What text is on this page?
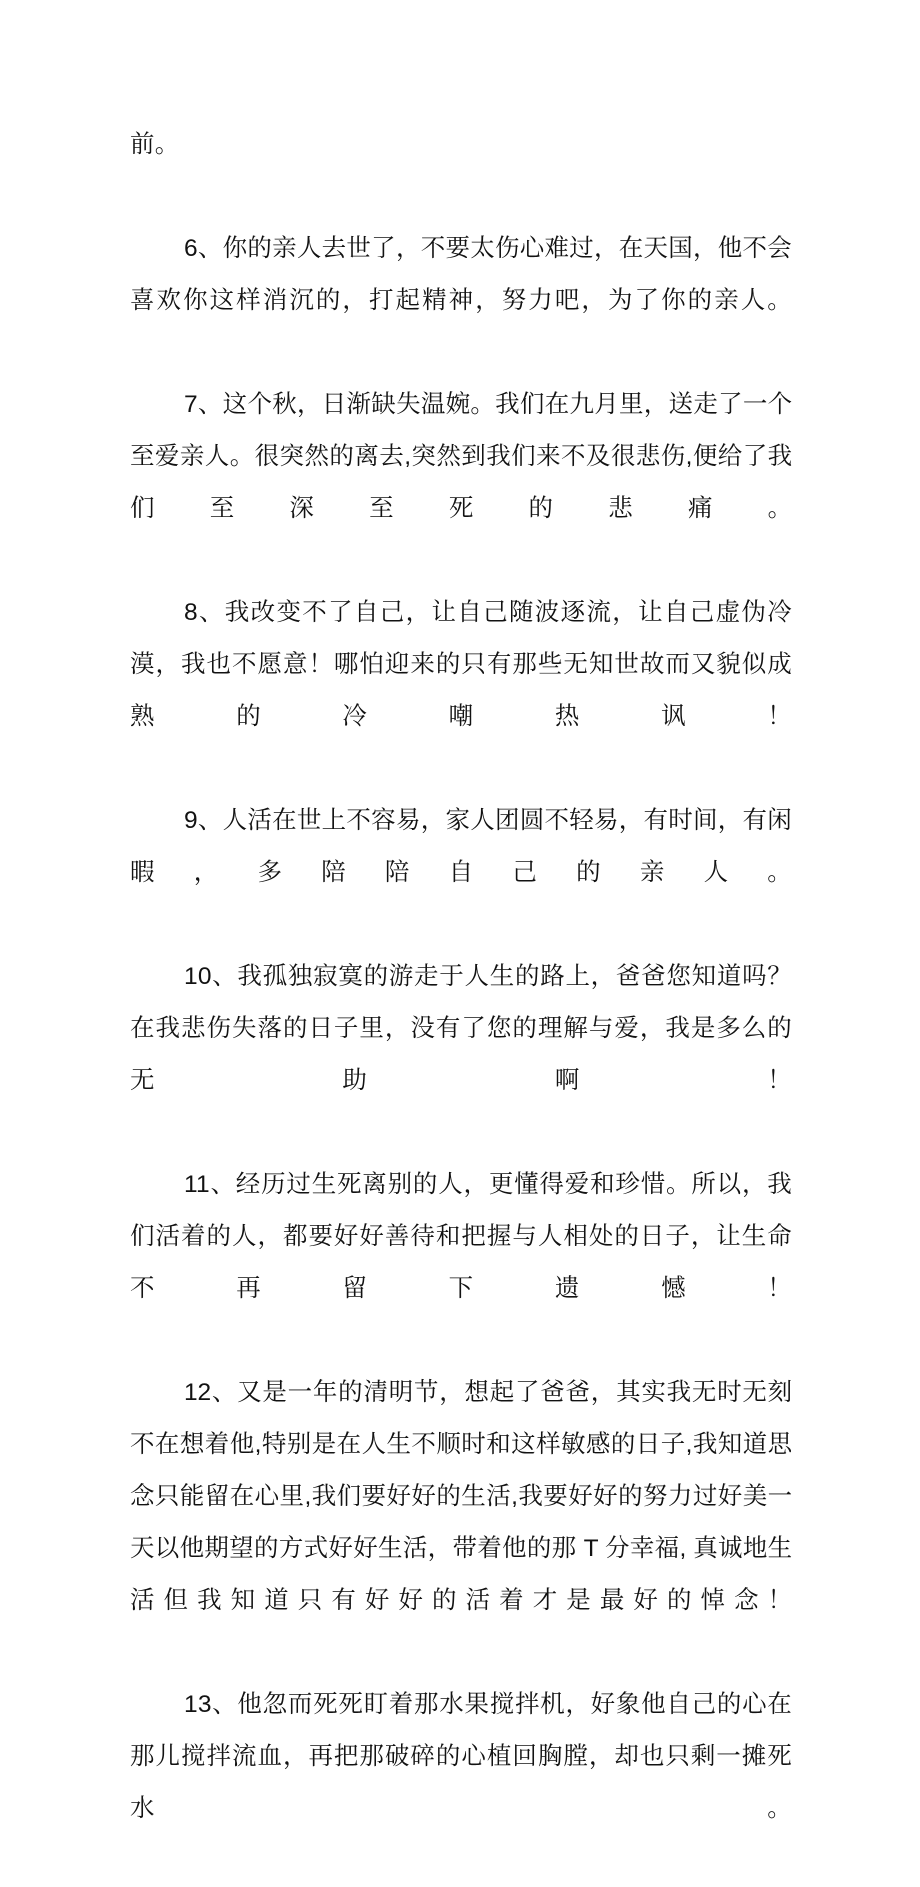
前。

6、你的亲人去世了，不要太伤心难过，在天国，他不会喜欢你这样消沉的，打起精神，努力吧，为了你的亲人。

7、这个秋，日渐缺失温婉。我们在九月里，送走了一个至爱亲人。很突然的离去,突然到我们来不及很悲伤,便给了我们至深至死的悲痛。

8、我改变不了自己，让自己随波逐流，让自己虚伪冷漠，我也不愿意！哪怕迎来的只有那些无知世故而又貌似成熟的冷嘲热讽！

9、人活在世上不容易，家人团圆不轻易，有时间，有闲暇，多陪陪自己的亲人。

10、我孤独寂寞的游走于人生的路上，爸爸您知道吗？在我悲伤失落的日子里，没有了您的理解与爱，我是多么的无助啊！

11、经历过生死离别的人，更懂得爱和珍惜。所以，我们活着的人，都要好好善待和把握与人相处的日子，让生命不再留下遗憾！

12、又是一年的清明节，想起了爸爸，其实我无时无刻不在想着他,特别是在人生不顺时和这样敏感的日子,我知道思念只能留在心里,我们要好好的生活,我要好好的努力过好美一天以他期望的方式好好生活，带着他的那 T 分幸福, 真诚地生活但我知道只有好好的活着才是最好的悼念！

13、他忽而死死盯着那水果搅拌机，好象他自己的心在那儿搅拌流血，再把那破碎的心植回胸膛，却也只剩一摊死水。
